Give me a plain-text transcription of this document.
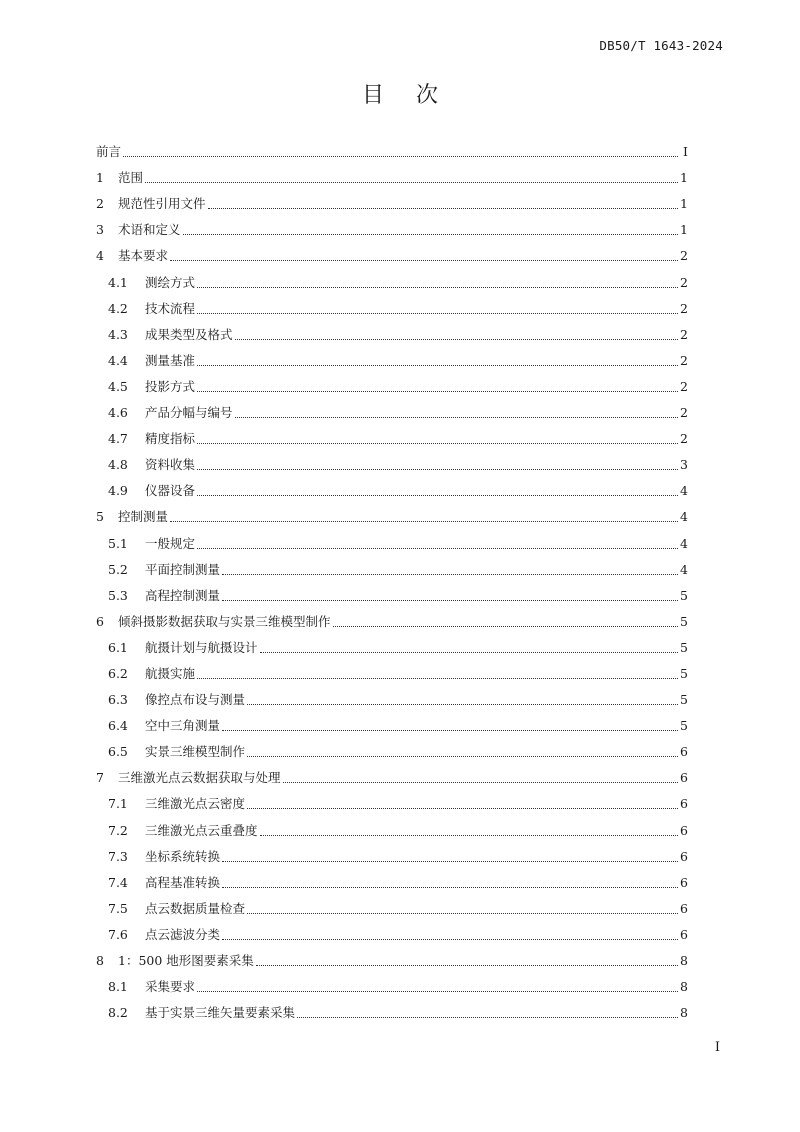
DB50/T 1643-2024
目次
前言	I
1	范围	1
2	规范性引用文件	1
3	术语和定义	1
4	基本要求	2
4.1	测绘方式	2
4.2	技术流程	2
4.3	成果类型及格式	2
4.4	测量基准	2
4.5	投影方式	2
4.6	产品分幅与编号	2
4.7	精度指标	2
4.8	资料收集	3
4.9	仪器设备	4
5	控制测量	4
5.1	一般规定	4
5.2	平面控制测量	4
5.3	高程控制测量	5
6	倾斜摄影数据获取与实景三维模型制作	5
6.1	航摄计划与航摄设计	5
6.2	航摄实施	5
6.3	像控点布设与测量	5
6.4	空中三角测量	5
6.5	实景三维模型制作	6
7	三维激光点云数据获取与处理	6
7.1	三维激光点云密度	6
7.2	三维激光点云重叠度	6
7.3	坐标系统转换	6
7.4	高程基准转换	6
7.5	点云数据质量检查	6
7.6	点云滤波分类	6
8	1：500 地形图要素采集	8
8.1	采集要求	8
8.2	基于实景三维矢量要素采集	8
I
